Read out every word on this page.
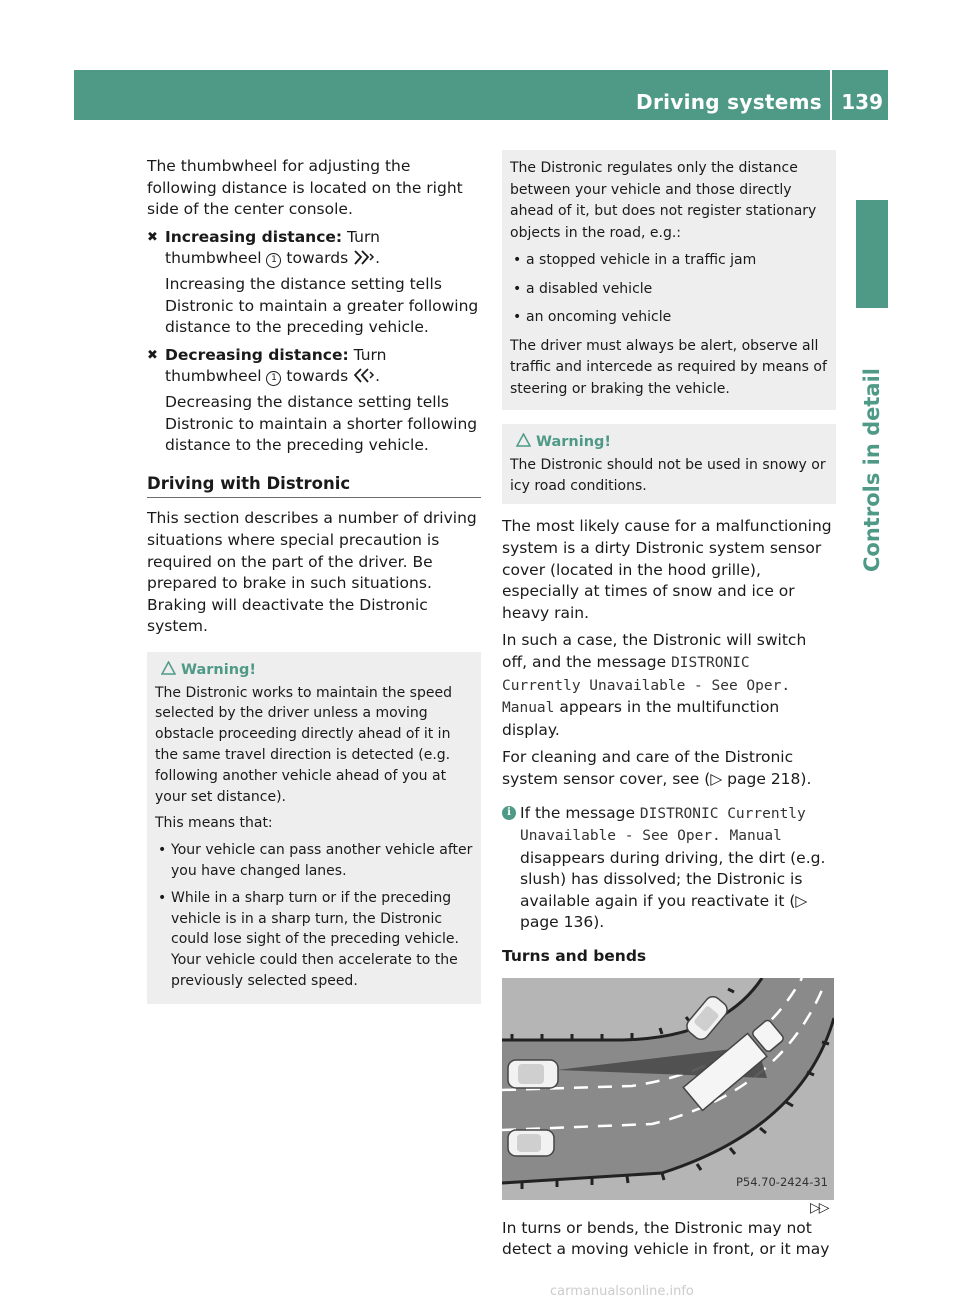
Driving systems 139
Controls in detail

The thumbwheel for adjusting the following distance is located on the right side of the center console.

✖ Increasing distance: Turn thumbwheel 1 towards .
Increasing the distance setting tells Distronic to maintain a greater following distance to the preceding vehicle.
✖ Decreasing distance: Turn thumbwheel 1 towards .
Decreasing the distance setting tells Distronic to maintain a shorter following distance to the preceding vehicle.
Driving with Distronic

This section describes a number of driving situations where special precaution is required on the part of the driver. Be prepared to brake in such situations. Braking will deactivate the Distronic system.

Warning!

The Distronic works to maintain the speed selected by the driver unless a moving obstacle proceeding directly ahead of it in the same travel direction is detected (e.g. following another vehicle ahead of you at your set distance).

This means that:

• Your vehicle can pass another vehicle after you have changed lanes.
• While in a sharp turn or if the preceding vehicle is in a sharp turn, the Distronic could lose sight of the preceding vehicle. Your vehicle could then accelerate to the previously selected speed.

The Distronic regulates only the distance between your vehicle and those directly ahead of it, but does not register stationary objects in the road, e.g.:

• a stopped vehicle in a traffic jam
• a disabled vehicle
• an oncoming vehicle

The driver must always be alert, observe all traffic and intercede as required by means of steering or braking the vehicle.

Warning!

The Distronic should not be used in snowy or icy road conditions.

The most likely cause for a malfunctioning system is a dirty Distronic system sensor cover (located in the hood grille), especially at times of snow and ice or heavy rain.

In such a case, the Distronic will switch off, and the message DISTRONIC Currently Unavailable - See Oper. Manual appears in the multifunction display.

For cleaning and care of the Distronic system sensor cover, see (▷ page 218).

i If the message DISTRONIC Currently Unavailable - See Oper. Manual disappears during driving, the dirt (e.g. slush) has dissolved; the Distronic is available again if you reactivate it (▷ page 136).
Turns and bends
P54.70-2424-31

In turns or bends, the Distronic may not detect a moving vehicle in front, or it may

▷▷
carmanualsonline.info
